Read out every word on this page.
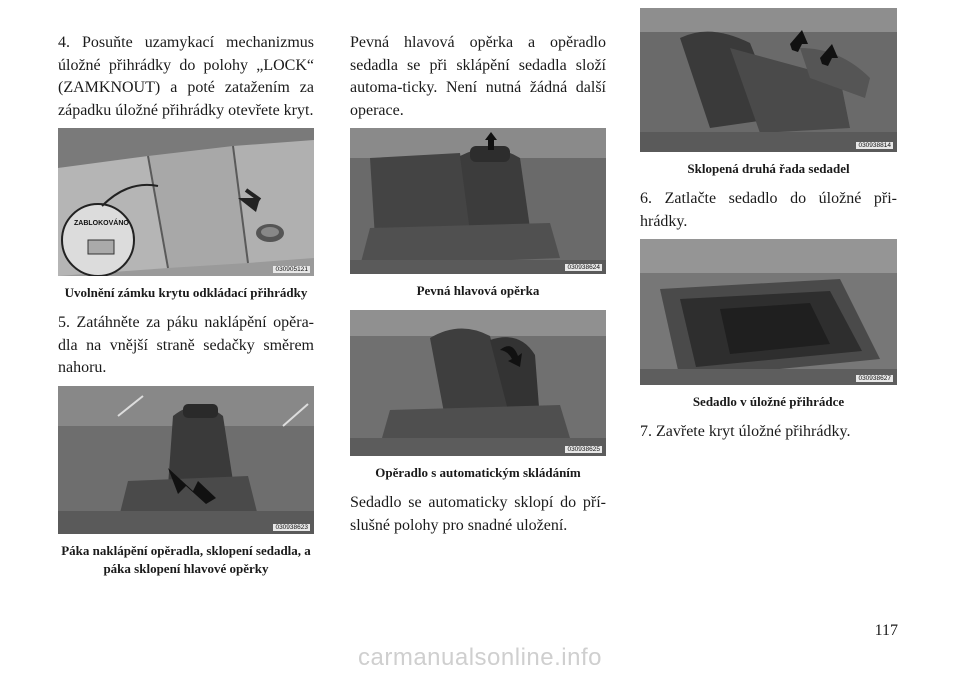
4. Posuňte uzamykací mechanizmus úložné přihrádky do polohy „LOCK“ (ZAMKNOUT) a poté zatažením za západku úložné přihrádky otevřete kryt.

ZABLOKOVÁNO
030905121
Uvolnění zámku krytu odkládací přihrádky

5. Zatáhněte za páku naklápění opěra-dla na vnější straně sedačky směrem nahoru.

030938623
Páka naklápění opěradla, sklopení sedadla, a páka sklopení hlavové opěrky

Pevná hlavová opěrka a opěradlo sedadla se při sklápění sedadla složí automa-ticky. Není nutná žádná další operace.

030938624
Pevná hlavová opěrka
030938625
Opěradlo s automatickým skládáním

Sedadlo se automaticky sklopí do pří-slušné polohy pro snadné uložení.

030938814
Sklopená druhá řada sedadel

6. Zatlačte sedadlo do úložné při-hrádky.

030938627
Sedadlo v úložné přihrádce

7. Zavřete kryt úložné přihrádky.

117
carmanualsonline.info
